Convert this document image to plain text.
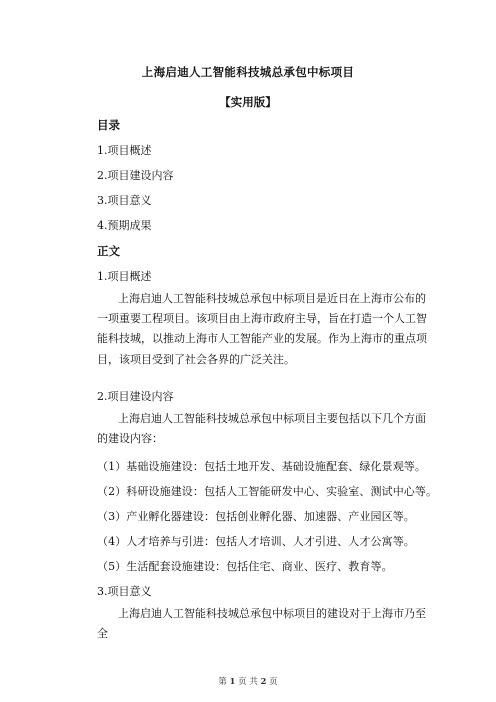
上海启迪人工智能科技城总承包中标项目
【实用版】
目录
1.项目概述
2.项目建设内容
3.项目意义
4.预期成果
正文
1.项目概述

上海启迪人工智能科技城总承包中标项目是近日在上海市公布的一项重要工程项目。该项目由上海市政府主导，旨在打造一个人工智能科技城，以推动上海市人工智能产业的发展。作为上海市的重点项目，该项目受到了社会各界的广泛关注。

2.项目建设内容

上海启迪人工智能科技城总承包中标项目主要包括以下几个方面的建设内容：

（1）基础设施建设：包括土地开发、基础设施配套、绿化景观等。
（2）科研设施建设：包括人工智能研发中心、实验室、测试中心等。
（3）产业孵化器建设：包括创业孵化器、加速器、产业园区等。
（4）人才培养与引进：包括人才培训、人才引进、人才公寓等。
（5）生活配套设施建设：包括住宅、商业、医疗、教育等。
3.项目意义

上海启迪人工智能科技城总承包中标项目的建设对于上海市乃至全

第 1 页 共 2 页
